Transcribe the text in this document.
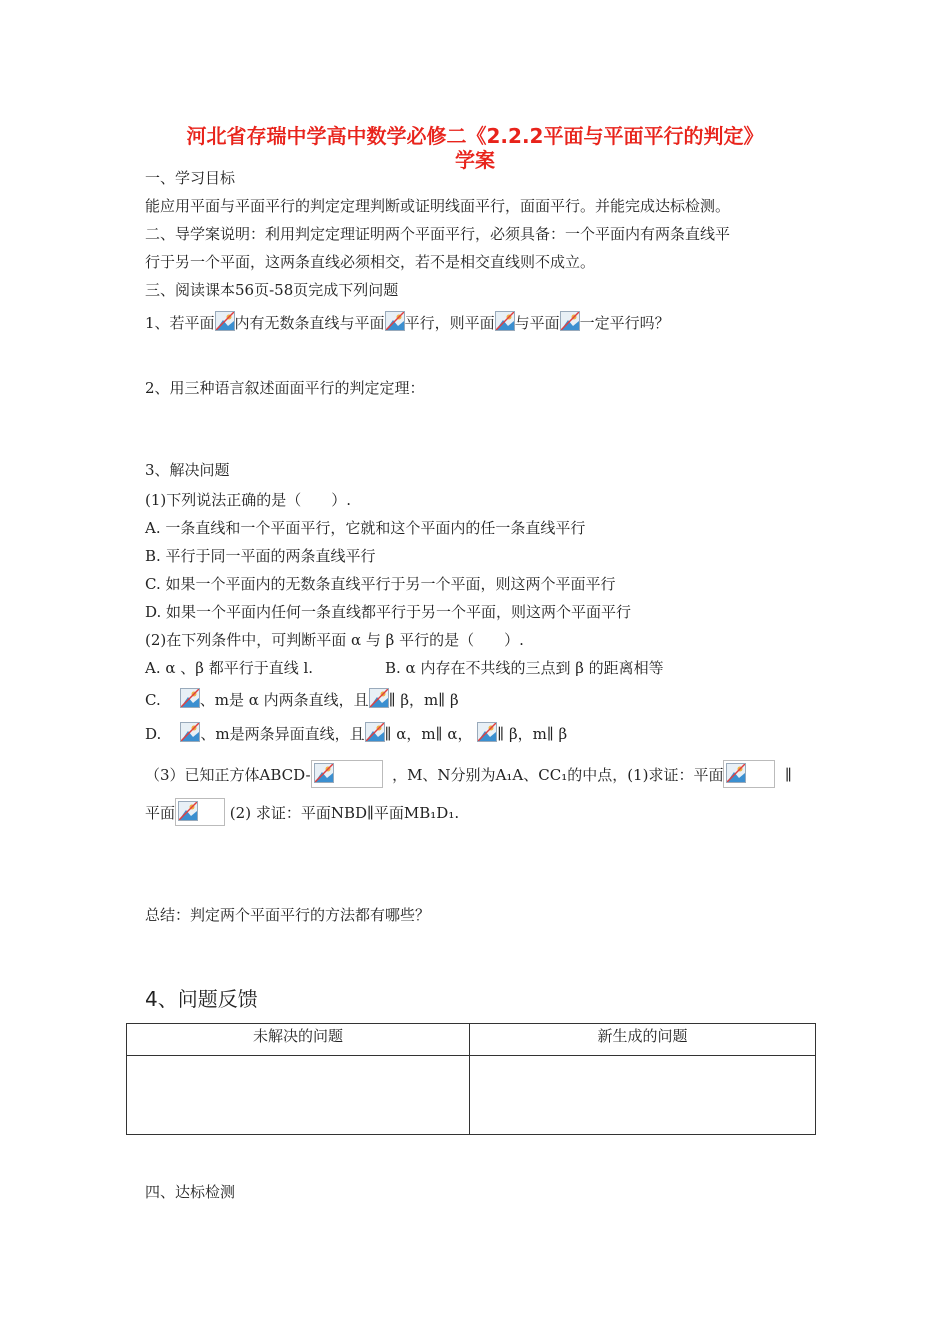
河北省存瑞中学高中数学必修二《2.2.2平面与平面平行的判定》
学案
一、学习目标
能应用平面与平面平行的判定定理判断或证明线面平行，面面平行。并能完成达标检测。
二、导学案说明：利用判定定理证明两个平面平行，必须具备：一个平面内有两条直线平
行于另一个平面，这两条直线必须相交，若不是相交直线则不成立。
三、阅读课本56页-58页完成下列问题
1、若平面 内有无数条直线与平面 平行，则平面 与平面 一定平行吗？
2、用三种语言叙述面面平行的判定定理：
3、解决问题
(1)下列说法正确的是（　　）.
A. 一条直线和一个平面平行，它就和这个平面内的任一条直线平行
B. 平行于同一平面的两条直线平行
C. 如果一个平面内的无数条直线平行于另一个平面，则这两个平面平行
D. 如果一个平面内任何一条直线都平行于另一个平面，则这两个平面平行
(2)在下列条件中，可判断平面 α 与 β 平行的是（　　）.
A. α 、β 都平行于直线 l.	B. α 内存在不共线的三点到 β 的距离相等
C.	、m是 α 内两条直线，且 ∥ β，m∥ β
D.	、m是两条异面直线，且 ∥ α，m∥ α， ∥ β，m∥ β
（3）已知正方体ABCD-	，M、N分别为A₁A、CC₁的中点，(1)求证：平面	∥
平面	(2) 求证：平面NBD∥平面MB₁D₁.
总结：判定两个平面平行的方法都有哪些？
4、问题反馈
未解决的问题	新生成的问题

四、达标检测
